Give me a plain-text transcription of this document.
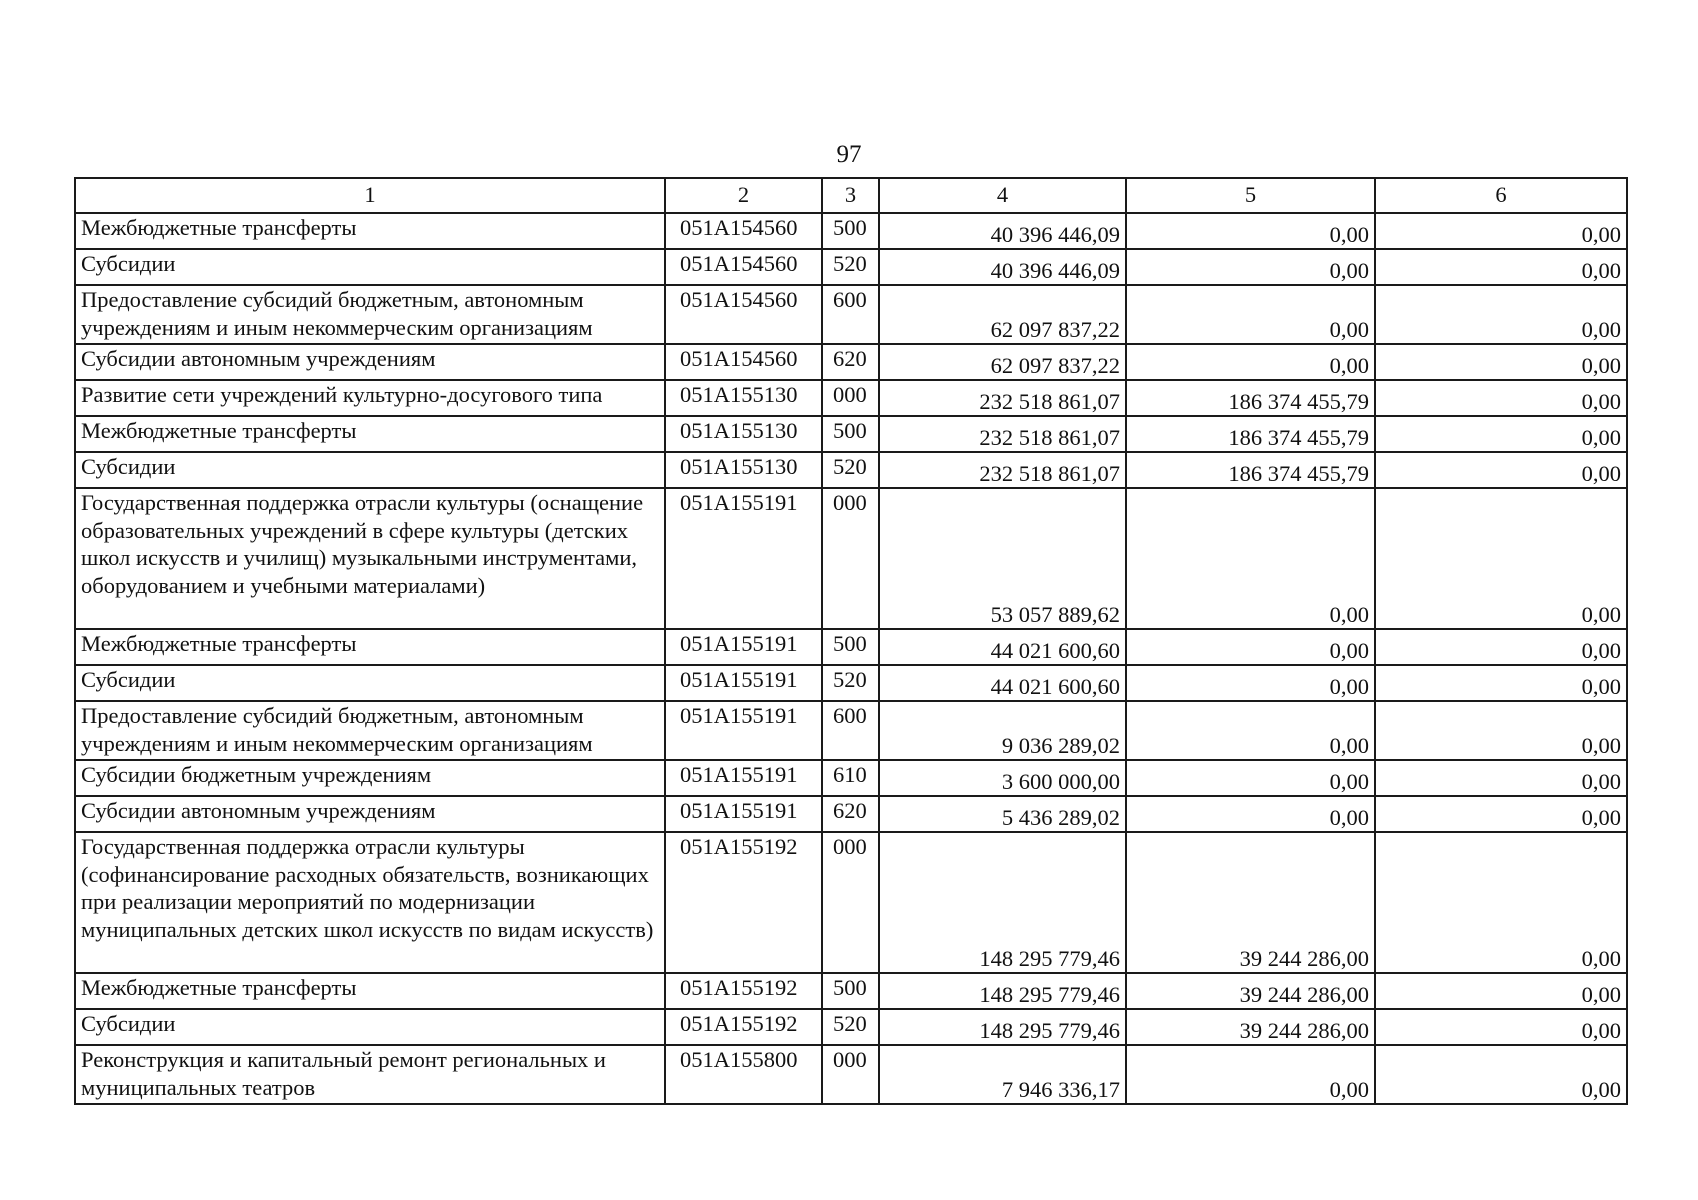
97
1	2	3	4	5	6
Межбюджетные трансферты	051A154560	500	40 396 446,09	0,00	0,00
Субсидии	051A154560	520	40 396 446,09	0,00	0,00
Предоставление субсидий бюджетным, автономным учреждениям и иным некоммерческим организациям	051A154560	600	62 097 837,22	0,00	0,00
Субсидии автономным учреждениям	051A154560	620	62 097 837,22	0,00	0,00
Развитие сети учреждений культурно-досугового типа	051A155130	000	232 518 861,07	186 374 455,79	0,00
Межбюджетные трансферты	051A155130	500	232 518 861,07	186 374 455,79	0,00
Субсидии	051A155130	520	232 518 861,07	186 374 455,79	0,00
Государственная поддержка отрасли культуры (оснащение образовательных учреждений в сфере культуры (детских школ искусств и училищ) музыкальными инструментами, оборудованием и учебными материалами)	051A155191	000	53 057 889,62	0,00	0,00
Межбюджетные трансферты	051A155191	500	44 021 600,60	0,00	0,00
Субсидии	051A155191	520	44 021 600,60	0,00	0,00
Предоставление субсидий бюджетным, автономным учреждениям и иным некоммерческим организациям	051A155191	600	9 036 289,02	0,00	0,00
Субсидии бюджетным учреждениям	051A155191	610	3 600 000,00	0,00	0,00
Субсидии автономным учреждениям	051A155191	620	5 436 289,02	0,00	0,00
Государственная поддержка отрасли культуры (софинансирование расходных обязательств, возникающих при реализации мероприятий по модернизации муниципальных детских школ искусств по видам искусств)	051A155192	000	148 295 779,46	39 244 286,00	0,00
Межбюджетные трансферты	051A155192	500	148 295 779,46	39 244 286,00	0,00
Субсидии	051A155192	520	148 295 779,46	39 244 286,00	0,00
Реконструкция и капитальный ремонт региональных и муниципальных театров	051A155800	000	7 946 336,17	0,00	0,00
